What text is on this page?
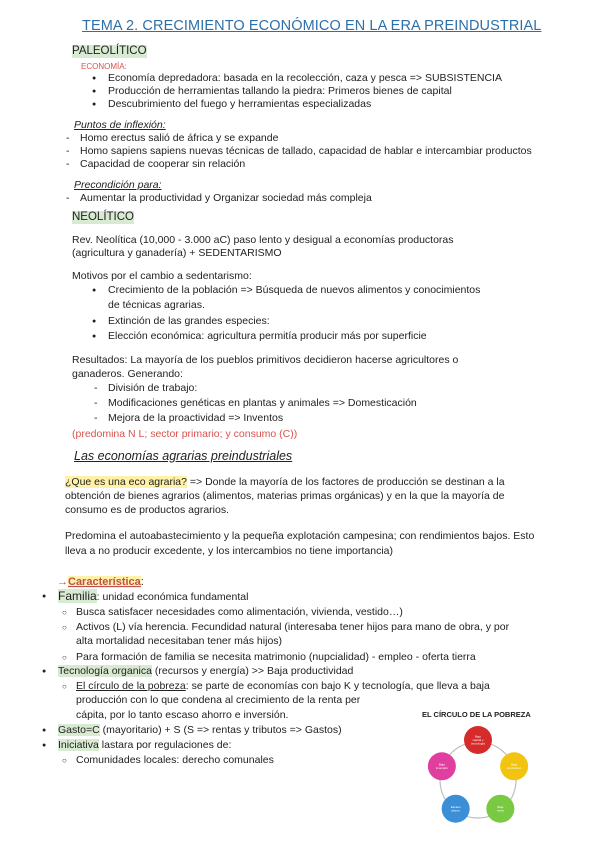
TEMA 2. CRECIMIENTO ECONÓMICO EN LA ERA PREINDUSTRIAL
PALEOLÍTICO
ECONOMÍA:
● Economía depredadora: basada en la recolección, caza y pesca => SUBSISTENCIA
● Producción de herramientas tallando la piedra: Primeros bienes de capital
● Descubrimiento del fuego y herramientas especializadas
Puntos de inflexión:
- Homo erectus salió de áfrica y se expande
- Homo sapiens sapiens nuevas técnicas de tallado, capacidad de hablar e intercambiar productos
- Capacidad de cooperar sin relación
Precondición para:
- Aumentar la productividad y Organizar sociedad más compleja
NEOLÍTICO
Rev. Neolítica (10,000 - 3.000 aC) paso lento y desigual a economías productoras
(agricultura y ganadería) + SEDENTARISMO
Motivos por el cambio a sedentarismo:
● Crecimiento de la población => Búsqueda de nuevos alimentos y conocimientos
de técnicas agrarias.
● Extinción de las grandes especies:
● Elección económica: agricultura permitía producir más por superficie
Resultados: La mayoría de los pueblos primitivos decidieron hacerse agricultores o
ganaderos. Generando:
- División de trabajo:
- Modificaciones genéticas en plantas y animales => Domesticación
- Mejora de la proactividad => Inventos
(predomina N L; sector primario; y consumo (C))
Las economías agrarias preindustriales
¿Que es una eco agraria? => Donde la mayoría de los factores de producción se destinan a la
obtención de bienes agrarios (alimentos, materias primas orgánicas) y en la que la mayoría de
consumo es de productos agrarios.
Predomina el autoabastecimiento y la pequeña explotación campesina; con rendimientos bajos. Esto
lleva a no producir excedente, y los intercambios no tiene importancia)
→Característica:
● Familia: unidad económica fundamental
○ Busca satisfacer necesidades como alimentación, vivienda, vestido…)
○ Activos (L) vía herencia. Fecundidad natural (interesaba tener hijos para mano de obra, y por
alta mortalidad necesitaban tener más hijos)
○ Para formación de familia se necesita matrimonio (nupcialidad) - empleo - oferta tierra
● Tecnología organica (recursos y energía) >> Baja productividad
○ El círculo de la pobreza: se parte de economías con bajo K y tecnología, que lleva a baja
producción con lo que condena al crecimiento de la renta per
cápita, por lo tanto escaso ahorro e inversión.
● Gasto=C (mayoritario) + S (S => rentas y tributos => Gastos)
● Iniciativa lastara por regulaciones de:
○ Comunidades locales: derecho comunales
EL CÍRCULO DE LA POBREZA
Bajo capital y tecnología
Baja producción
Baja renta
Escaso ahorro
Baja inversión
